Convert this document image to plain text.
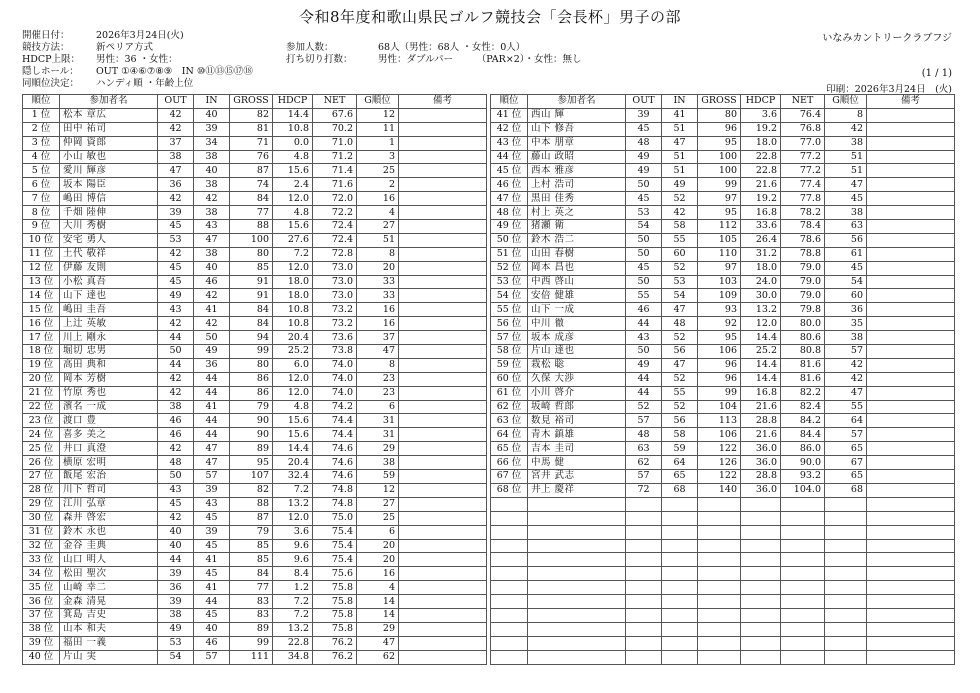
令和8年度和歌山県民ゴルフ競技会「会長杯」男子の部
いなみカントリークラブフジ
開催日付：	2026年3月24日(火)
競技方法：	新ペリア方式	参加人数：	68人（男性：68人 ・女性：0人）
HDCP上限： 男性：36 ・女性：	打ち切り打数：	男性：ダブルパー　　　（PAR×2）・女性：無し
隠しホール： OUT ①④⑥⑦⑧⑨　IN ⑩⑪⑬⑮⑰⑱
同順位決定： ハンディ順 ・年齢上位
(1 / 1)
印刷：2026年3月24日　(火)
順位	参加者名	OUT	IN	GROSS	HDCP	NET	G順位	備考
1 位	松本 章広	42	40	82	14.4	67.6	12	
2 位	田中 祐司	42	39	81	10.8	70.2	11	
3 位	仲岡 資郎	37	34	71	0.0	71.0	1	
4 位	小山 敏也	38	38	76	4.8	71.2	3	
5 位	愛川 輝彦	47	40	87	15.6	71.4	25	
6 位	坂本 陽臣	36	38	74	2.4	71.6	2	
7 位	嶋田 博信	42	42	84	12.0	72.0	16	
8 位	千畑 陸伸	39	38	77	4.8	72.2	4	
9 位	大川 秀樹	45	43	88	15.6	72.4	27	
10 位	安宅 勇人	53	47	100	27.6	72.4	51	
11 位	土代 敬祥	42	38	80	7.2	72.8	8	
12 位	伊藤 友則	45	40	85	12.0	73.0	20	
13 位	小松 真吾	45	46	91	18.0	73.0	33	
14 位	山下 達也	49	42	91	18.0	73.0	33	
15 位	嶋田 圭吾	43	41	84	10.8	73.2	16	
16 位	上辻 英敏	42	42	84	10.8	73.2	16	
17 位	川上 剛永	44	50	94	20.4	73.6	37	
18 位	堀切 忠男	50	49	99	25.2	73.8	47	
19 位	高田 典和	44	36	80	6.0	74.0	8	
20 位	岡本 芳樹	42	44	86	12.0	74.0	23	
21 位	竹原 秀也	42	44	86	12.0	74.0	23	
22 位	濱名 一成	38	41	79	4.8	74.2	6	
23 位	渡口 豊	46	44	90	15.6	74.4	31	
24 位	喜多 美之	46	44	90	15.6	74.4	31	
25 位	井口 真澄	42	47	89	14.4	74.6	29	
26 位	横原 宏明	48	47	95	20.4	74.6	38	
27 位	飯尾 宏治	50	57	107	32.4	74.6	59	
28 位	川下 哲司	43	39	82	7.2	74.8	12	
29 位	江川 弘章	45	43	88	13.2	74.8	27	
30 位	森井 啓宏	42	45	87	12.0	75.0	25	
31 位	鈴木 永也	40	39	79	3.6	75.4	6	
32 位	金谷 圭典	40	45	85	9.6	75.4	20	
33 位	山口 明人	44	41	85	9.6	75.4	20	
34 位	松田 聖次	39	45	84	8.4	75.6	16	
35 位	山崎 幸二	36	41	77	1.2	75.8	4	
36 位	金森 清晃	39	44	83	7.2	75.8	14	
37 位	箕島 吉史	38	45	83	7.2	75.8	14	
38 位	山本 和夫	49	40	89	13.2	75.8	29	
39 位	福田 一義	53	46	99	22.8	76.2	47	
40 位	片山 実	54	57	111	34.8	76.2	62	
順位	参加者名	OUT	IN	GROSS	HDCP	NET	G順位	備考
41 位	西山 輝	39	41	80	3.6	76.4	8	
42 位	山下 修吾	45	51	96	19.2	76.8	42	
43 位	中本 朋章	48	47	95	18.0	77.0	38	
44 位	藤山 政昭	49	51	100	22.8	77.2	51	
45 位	西本 雅彦	49	51	100	22.8	77.2	51	
46 位	上村 浩司	50	49	99	21.6	77.4	47	
47 位	黒田 佳秀	45	52	97	19.2	77.8	45	
48 位	村上 英之	53	42	95	16.8	78.2	38	
49 位	猪瀬 衛	54	58	112	33.6	78.4	63	
50 位	鈴木 浩二	50	55	105	26.4	78.6	56	
51 位	山田 春樹	50	60	110	31.2	78.8	61	
52 位	岡本 昌也	45	52	97	18.0	79.0	45	
53 位	中西 啓山	50	53	103	24.0	79.0	54	
54 位	安倍 健雄	55	54	109	30.0	79.0	60	
55 位	山下 一成	46	47	93	13.2	79.8	36	
56 位	中川 徹	44	48	92	12.0	80.0	35	
57 位	坂本 成彦	43	52	95	14.4	80.6	38	
58 位	片山 達也	50	56	106	25.2	80.8	57	
59 位	栽松 聡	49	47	96	14.4	81.6	42	
60 位	久保 大渉	44	52	96	14.4	81.6	42	
61 位	小川 啓介	44	55	99	16.8	82.2	47	
62 位	坂崎 哲郎	52	52	104	21.6	82.4	55	
63 位	数見 裕司	57	56	113	28.8	84.2	64	
64 位	青木 鎮雄	48	58	106	21.6	84.4	57	
65 位	吉本 圭司	63	59	122	36.0	86.0	65	
66 位	中馬 健	62	64	126	36.0	90.0	67	
67 位	宮井 武志	57	65	122	28.8	93.2	65	
68 位	井上 慶祥	72	68	140	36.0	104.0	68	
